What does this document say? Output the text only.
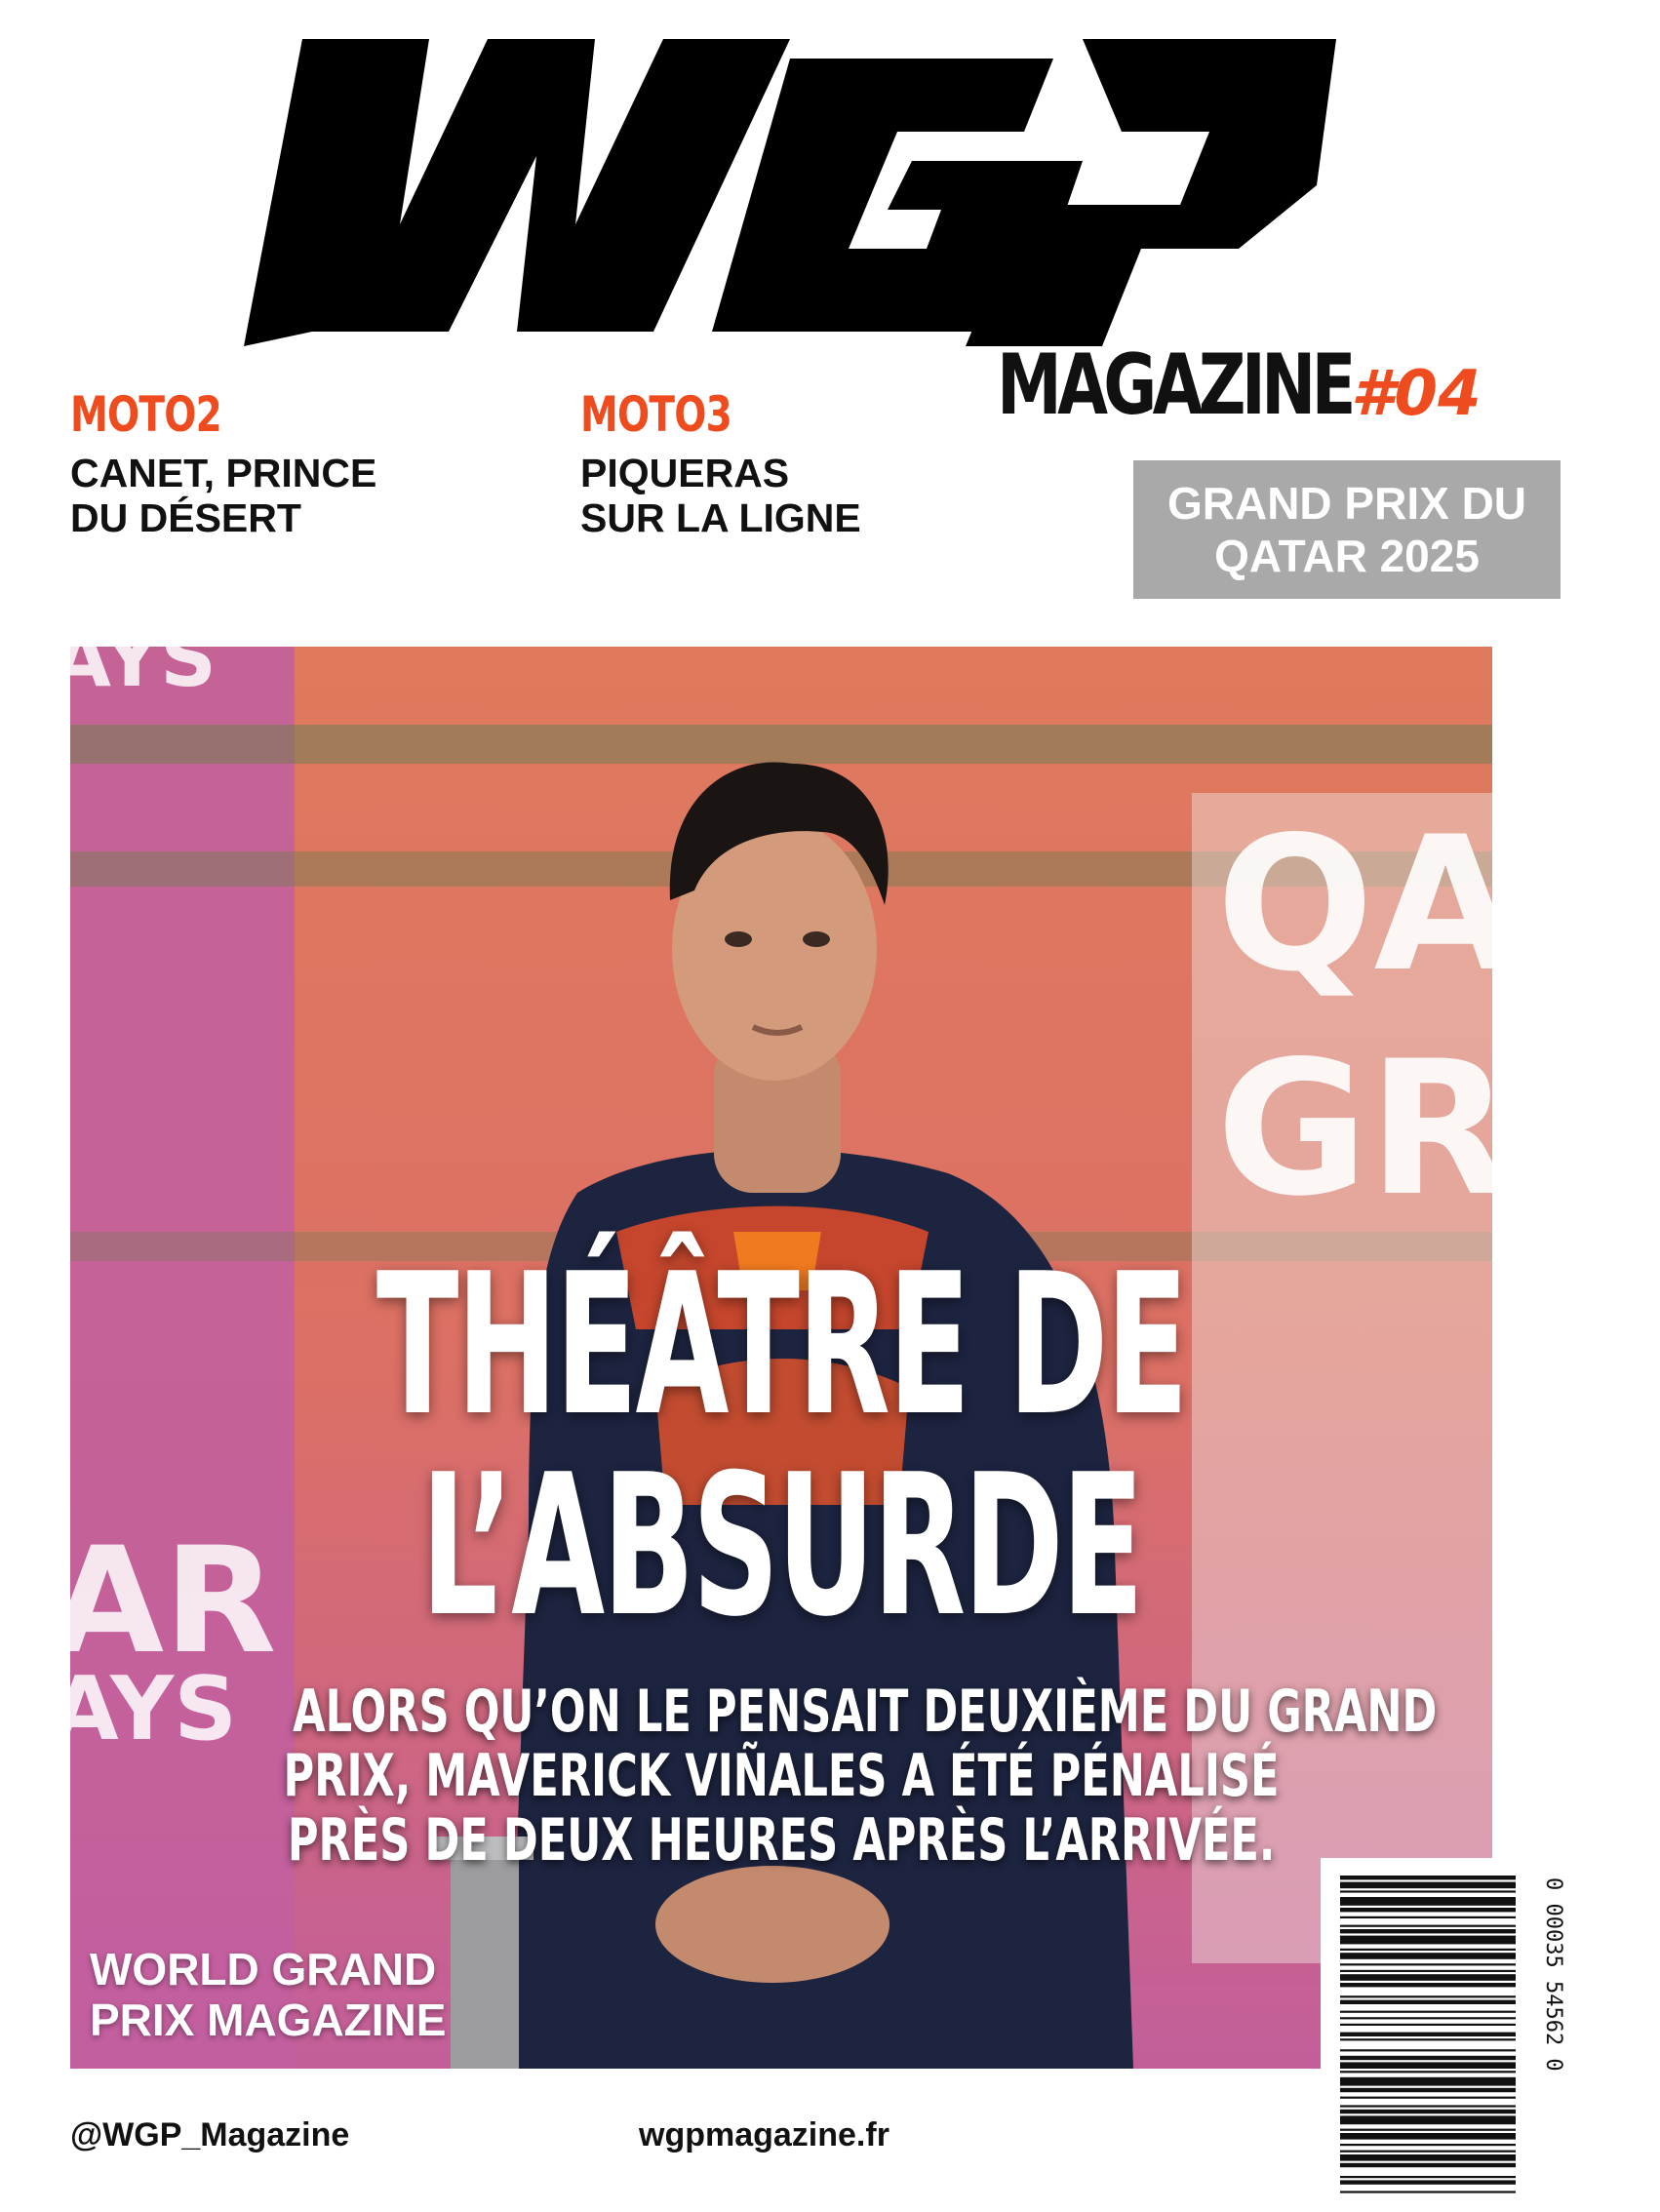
MAGAZINE #04
MOTO2
CANET, PRINCE
DU DÉSERT
MOTO3
PIQUERAS
SUR LA LIGNE	GRAND PRIX DU
QATAR 2025
QAT
GRA
AYS
AR
AYS
THÉÂTRE DE
L’ABSURDE
ALORS QU’ON LE PENSAIT DEUXIÈME DU GRAND
PRIX, MAVERICK VIÑALES A ÉTÉ PÉNALISÉ
PRÈS DE DEUX HEURES APRÈS L’ARRIVÉE.
WORLD GRAND
PRIX MAGAZINE	0 00035 54562 0
@WGP_Magazine	wgpmagazine.fr
